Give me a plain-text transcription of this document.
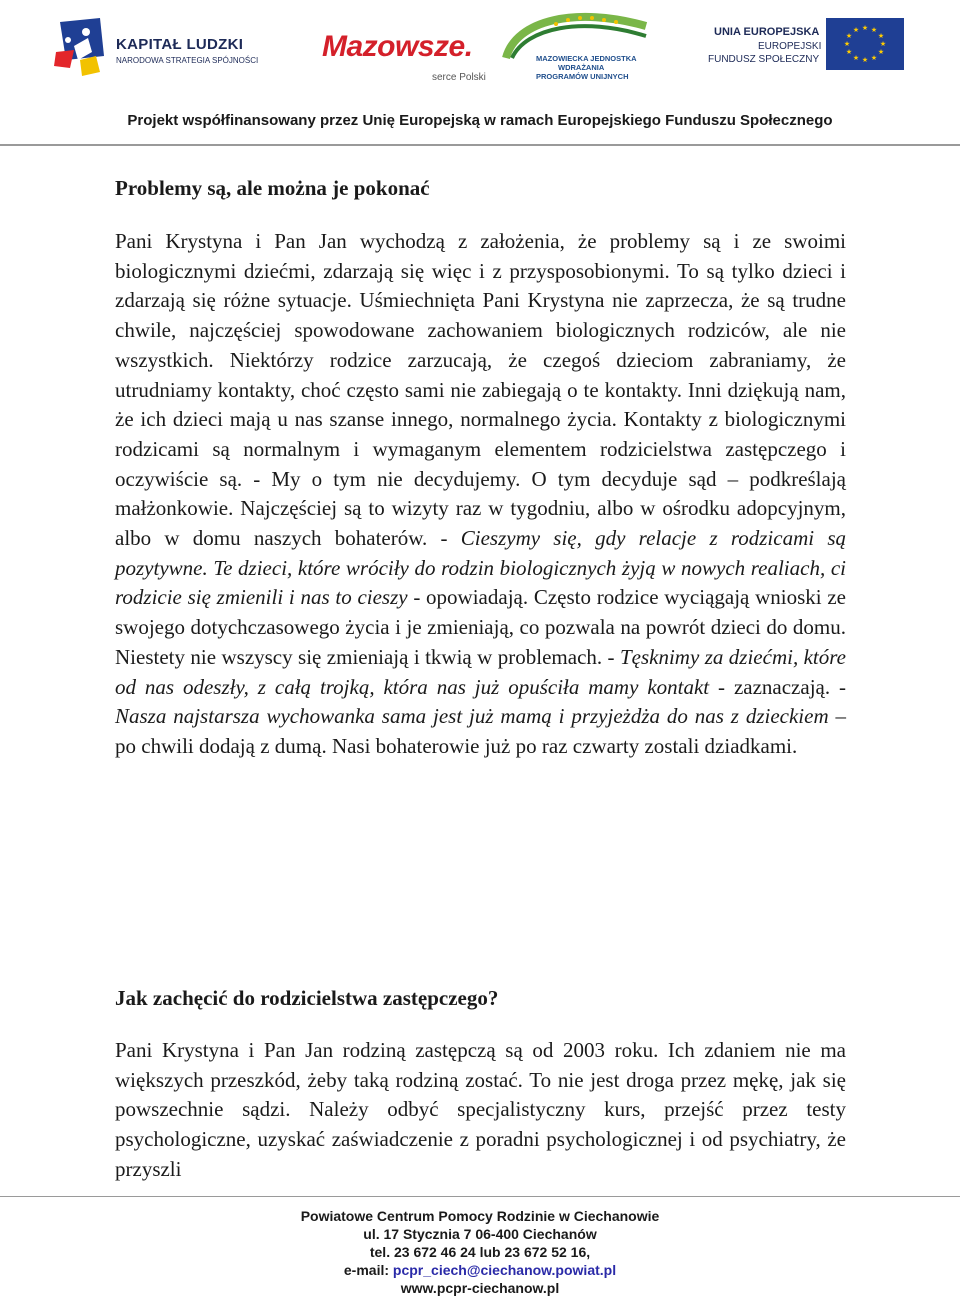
KAPITAŁ LUDZKI
NARODOWA STRATEGIA SPÓJNOŚCI Mazowsze.
serce Polski
MAZOWIECKA JEDNOSTKA
WDRAŻANIA
PROGRAMÓW UNIJNYCH
UNIA EUROPEJSKA
EUROPEJSKI
FUNDUSZ SPOŁECZNY
★ ★
★
★
★
★
★
★
★
★
★
★
Projekt współfinansowany przez Unię Europejską w ramach Europejskiego Funduszu Społecznego
Problemy są, ale można je pokonać

Pani Krystyna i Pan Jan wychodzą z założenia, że problemy są i ze swoimi biologicznymi dziećmi, zdarzają się więc i z przysposobionymi. To są tylko dzieci i zdarzają się różne sytuacje. Uśmiechnięta Pani Krystyna nie zaprzecza, że są trudne chwile, najczęściej spowodowane zachowaniem biologicznych rodziców, ale nie wszystkich. Niektórzy rodzice zarzucają, że czegoś dzieciom zabraniamy, że utrudniamy kontakty, choć często sami nie zabiegają o te kontakty. Inni dziękują nam, że ich dzieci mają u nas szanse innego, normalnego życia. Kontakty z biologicznymi rodzicami są normalnym i wymaganym elementem rodzicielstwa zastępczego i oczywiście są. - My o tym nie decydujemy. O tym decyduje sąd – podkreślają małżonkowie. Najczęściej są to wizyty raz w tygodniu, albo w ośrodku adopcyjnym, albo w domu naszych bohaterów. - Cieszymy się, gdy relacje z rodzicami są pozytywne. Te dzieci, które wróciły do rodzin biologicznych żyją w nowych realiach, ci rodzicie się zmienili i nas to cieszy - opowiadają. Często rodzice wyciągają wnioski ze swojego dotychczasowego życia i je zmieniają, co pozwala na powrót dzieci do domu. Niestety nie wszyscy się zmieniają i tkwią w problemach. - Tęsknimy za dziećmi, które od nas odeszły, z całą trojką, która nas już opuściła mamy kontakt - zaznaczają. - Nasza najstarsza wychowanka sama jest już mamą i przyjeżdża do nas z dzieckiem – po chwili dodają z dumą. Nasi bohaterowie już po raz czwarty zostali dziadkami.

Jak zachęcić do rodzicielstwa zastępczego?

Pani Krystyna i Pan Jan rodziną zastępczą są od 2003 roku. Ich zdaniem nie ma większych przeszkód, żeby taką rodziną zostać. To nie jest droga przez mękę, jak się powszechnie sądzi. Należy odbyć specjalistyczny kurs, przejść przez testy psychologiczne, uzyskać zaświadczenie z poradni psychologicznej i od psychiatry, że przyszli

Powiatowe Centrum Pomocy Rodzinie w Ciechanowie
ul. 17 Stycznia 7 06-400 Ciechanów
tel. 23 672 46 24 lub 23 672 52 16,
e-mail: pcpr_ciech@ciechanow.powiat.pl
www.pcpr-ciechanow.pl
